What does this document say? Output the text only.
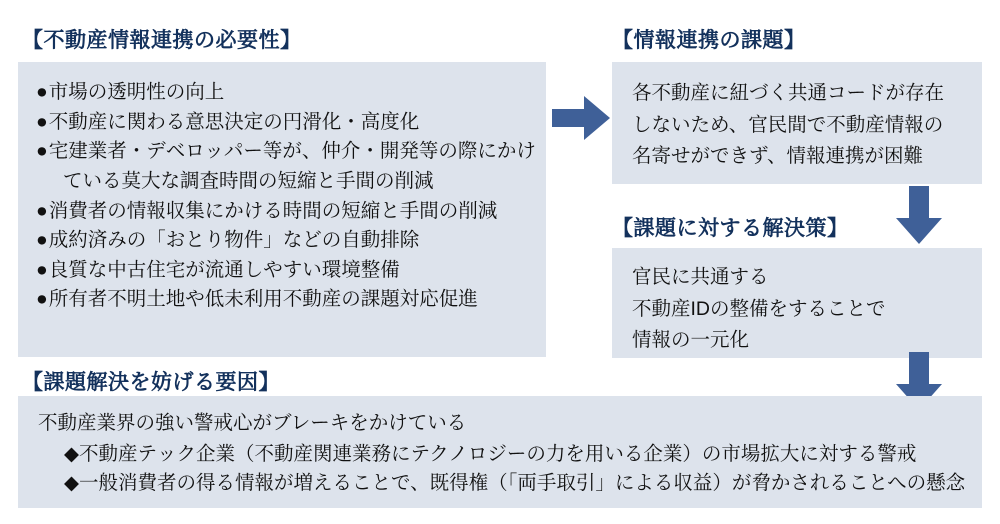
【不動産情報連携の必要性】
● 市場の透明性の向上
● 不動産に関わる意思決定の円滑化・高度化
● 宅建業者・デベロッパー等が、仲介・開発等の際にかけ
ている莫大な調査時間の短縮と手間の削減
● 消費者の情報収集にかける時間の短縮と手間の削減
● 成約済みの「おとり物件」などの自動排除
● 良質な中古住宅が流通しやすい環境整備
● 所有者不明土地や低未利用不動産の課題対応促進
【情報連携の課題】
各不動産に紐づく共通コードが存在
しないため、官民間で不動産情報の
名寄せができず、情報連携が困難
【課題に対する解決策】
官民に共通する
不動産IDの整備をすることで
情報の一元化
【課題解決を妨げる要因】
不動産業界の強い警戒心がブレーキをかけている
◆不動産テック企業（不動産関連業務にテクノロジーの力を用いる企業）の市場拡大に対する警戒
◆一般消費者の得る情報が増えることで、既得権（「両手取引」による収益）が脅かされることへの懸念
